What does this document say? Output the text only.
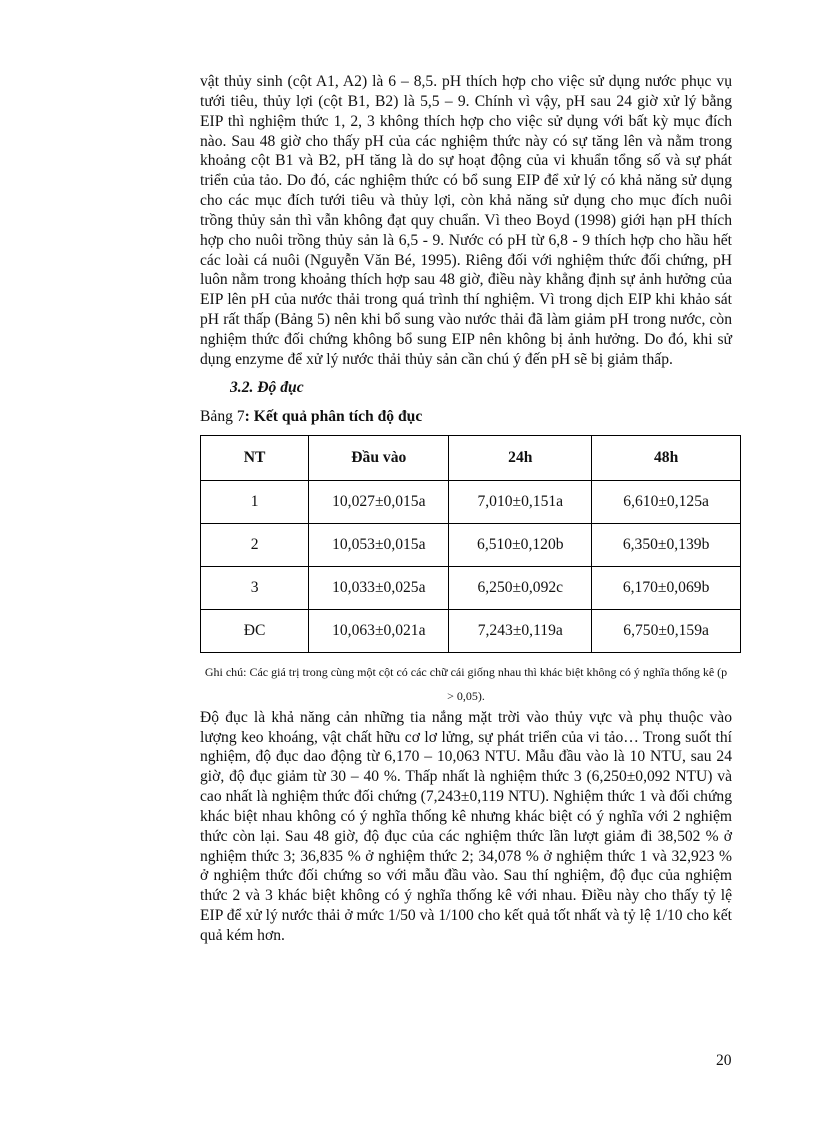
vật thủy sinh (cột A1, A2) là 6 – 8,5. pH thích hợp cho việc sử dụng nước phục vụ tưới tiêu, thủy lợi (cột B1, B2) là 5,5 – 9. Chính vì vậy, pH sau 24 giờ xử lý bằng EIP thì nghiệm thức 1, 2, 3 không thích hợp cho việc sử dụng với bất kỳ mục đích nào. Sau 48 giờ cho thấy pH của các nghiệm thức này có sự tăng lên và nằm trong khoảng cột B1 và B2, pH tăng là do sự hoạt động của vi khuẩn tổng số và sự phát triển của tảo. Do đó, các nghiệm thức có bổ sung EIP để xử lý có khả năng sử dụng cho các mục đích tưới tiêu và thủy lợi, còn khả năng sử dụng cho mục đích nuôi trồng thủy sản thì vẫn không đạt quy chuẩn. Vì theo Boyd (1998) giới hạn pH thích hợp cho nuôi trồng thủy sản là 6,5 - 9. Nước có pH từ 6,8 - 9 thích hợp cho hầu hết các loài cá nuôi (Nguyễn Văn Bé, 1995). Riêng đối với nghiệm thức đối chứng, pH luôn nằm trong khoảng thích hợp sau 48 giờ, điều này khẳng định sự ảnh hưởng của EIP lên pH của nước thải trong quá trình thí nghiệm. Vì trong dịch EIP khi khảo sát pH rất thấp (Bảng 5) nên khi bổ sung vào nước thải đã làm giảm pH trong nước, còn nghiệm thức đối chứng không bổ sung EIP nên không bị ảnh hưởng. Do đó, khi sử dụng enzyme để xử lý nước thải thủy sản cần chú ý đến pH sẽ bị giảm thấp.

3.2. Độ đục
Bảng 7: Kết quả phân tích độ đục
NT	Đầu vào	24h	48h
1	10,027±0,015a	7,010±0,151a	6,610±0,125a
2	10,053±0,015a	6,510±0,120b	6,350±0,139b
3	10,033±0,025a	6,250±0,092c	6,170±0,069b
ĐC	10,063±0,021a	7,243±0,119a	6,750±0,159a
Ghi chú: Các giá trị trong cùng một cột có các chữ cái giống nhau thì khác biệt không có ý nghĩa thống kê (p > 0,05).

Độ đục là khả năng cản những tia nắng mặt trời vào thủy vực và phụ thuộc vào lượng keo khoáng, vật chất hữu cơ lơ lửng, sự phát triển của vi tảo… Trong suốt thí nghiệm, độ đục dao động từ 6,170 – 10,063 NTU. Mẫu đầu vào là 10 NTU, sau 24 giờ, độ đục giảm từ 30 – 40 %. Thấp nhất là nghiệm thức 3 (6,250±0,092 NTU) và cao nhất là nghiệm thức đối chứng (7,243±0,119 NTU). Nghiệm thức 1 và đối chứng khác biệt nhau không có ý nghĩa thống kê nhưng khác biệt có ý nghĩa với 2 nghiệm thức còn lại. Sau 48 giờ, độ đục của các nghiệm thức lần lượt giảm đi 38,502 % ở nghiệm thức 3; 36,835 % ở nghiệm thức 2; 34,078 % ở nghiệm thức 1 và 32,923 % ở nghiệm thức đối chứng so với mẫu đầu vào. Sau thí nghiệm, độ đục của nghiệm thức 2 và 3 khác biệt không có ý nghĩa thống kê với nhau. Điều này cho thấy tỷ lệ EIP để xử lý nước thải ở mức 1/50 và 1/100 cho kết quả tốt nhất và tỷ lệ 1/10 cho kết quả kém hơn.

20
